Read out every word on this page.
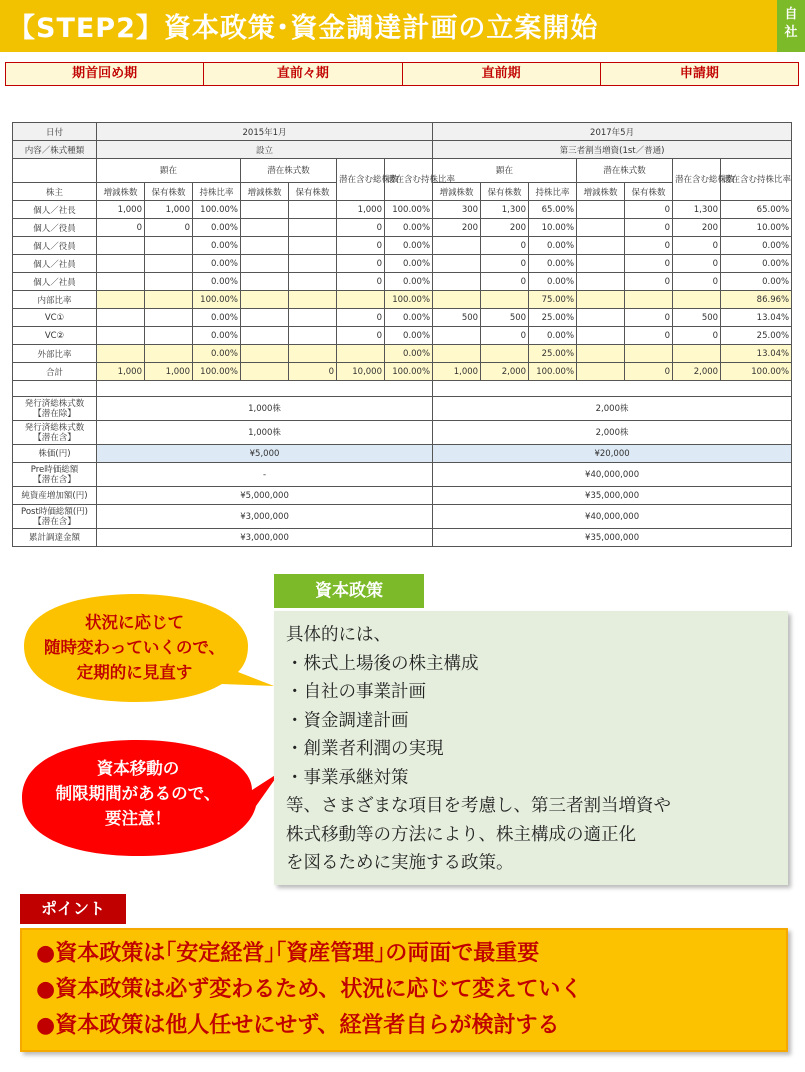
【STEP2】資本政策･資金調達計画の立案開始	自社
期首回め期	直前々期	直前期	申請期
日付	2015年1月							2017年5月						
内容／株式種類	設立							第三者割当増資(1st／普通)						
	顕在			潜在株式数		潜在含む総株数	潜在含む持株比率	顕在			潜在株式数		潜在含む総株数	潜在含む持株比率
株主	増減株数	保有株数	持株比率	増減株数	保有株数			増減株数	保有株数	持株比率	増減株数	保有株数		
個人／社長	1,000	1,000	100.00%			1,000	100.00%	300	1,300	65.00%		0	1,300	65.00%
個人／役員	0	0	0.00%			0	0.00%	200	200	10.00%		0	200	10.00%
個人／役員			0.00%			0	0.00%		0	0.00%		0	0	0.00%
個人／社員			0.00%			0	0.00%		0	0.00%		0	0	0.00%
個人／社員			0.00%			0	0.00%		0	0.00%		0	0	0.00%
内部比率			100.00%				100.00%			75.00%				86.96%
VC①			0.00%			0	0.00%	500	500	25.00%		0	500	13.04%
VC②			0.00%			0	0.00%		0	0.00%		0	0	25.00%
外部比率			0.00%				0.00%			25.00%				13.04%
合計	1,000	1,000	100.00%		0	10,000	100.00%	1,000	2,000	100.00%		0	2,000	100.00%

発行済総株式数
【潜在除】	1,000株							2,000株						

発行済総株式数
【潜在含】	1,000株							2,000株						

株価(円)	¥5,000							¥20,000						

Pre時価総額
【潜在含】	-							¥40,000,000						

純資産増加額(円)	¥5,000,000							¥35,000,000						

Post時価総額(円)
【潜在含】	¥3,000,000							¥40,000,000						

累計調達金額	¥3,000,000							¥35,000,000						
状況に応じて
随時変わっていくので、
定期的に見直す
資本移動の
制限期間があるので、
要注意！
資本政策
具体的には、
・株式上場後の株主構成
・自社の事業計画
・資金調達計画
・創業者利潤の実現
・事業承継対策
等、さまざまな項目を考慮し、第三者割当増資や
株式移動等の方法により、株主構成の適正化
を図るために実施する政策。
ポイント
●資本政策は｢安定経営｣｢資産管理｣の両面で最重要
●資本政策は必ず変わるため、状況に応じて変えていく
●資本政策は他人任せにせず、経営者自らが検討する
